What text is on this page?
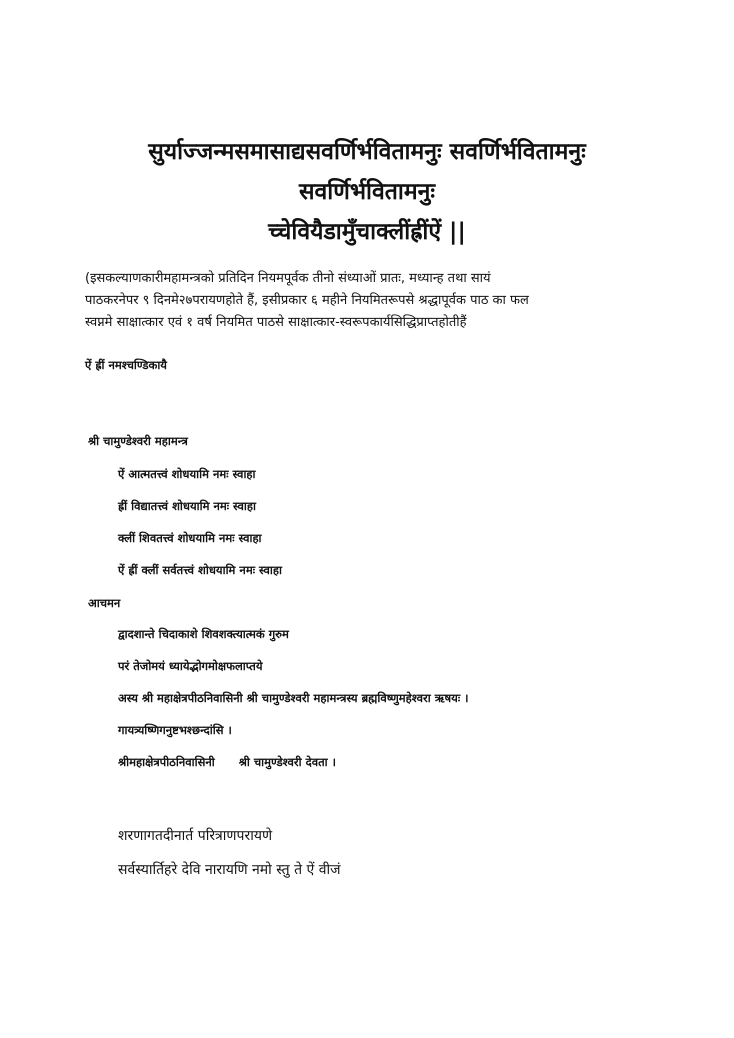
सुर्याज्जन्मसमासाद्यसवर्णिर्भवितामनुः सवर्णिर्भवितामनुः
सवर्णिर्भवितामनुः
च्चेवियैडामुँचाक्लींह्रींऐं ||
(इसकल्याणकारीमहामन्त्रको प्रतिदिन नियमपूर्वक तीनो संध्याओं प्रातः, मध्यान्ह तथा सायं
पाठकरनेपर ९ दिनमे२७परायणहोते हैं, इसीप्रकार ६ महीने नियमितरूपसे श्रद्धापूर्वक पाठ का फल
स्वप्नमे साक्षात्कार एवं १ वर्ष नियमित पाठसे साक्षात्कार-स्वरूपकार्यसिद्धिप्राप्तहोतीहैं
ऐं ह्रीं नमश्चण्डिकायै
श्री चामुण्डेश्वरी महामन्त्र
ऐं आत्मतत्त्वं शोधयामि नमः स्वाहा
ह्रीं विद्यातत्त्वं शोधयामि नमः स्वाहा
क्लीं शिवतत्त्वं शोधयामि नमः स्वाहा
ऐं ह्रीं क्लीं सर्वतत्त्वं शोधयामि नमः स्वाहा
आचमन
द्वादशान्ते चिदाकाशे शिवशक्त्यात्मकं गुरुम
परं तेजोमयं ध्यायेद्भोगमोक्षफलाप्तये
अस्य श्री महाक्षेत्रपीठनिवासिनी श्री चामुण्डेश्वरी महामन्त्रस्य ब्रह्मविष्णुमहेश्वरा ऋषयः ।
गायत्र्यष्णिगनुष्टभश्छन्दांसि ।
श्रीमहाक्षेत्रपीठनिवासिनी श्री चामुण्डेश्वरी देवता ।
शरणागतदीनार्त परित्राणपरायणे
सर्वस्यार्तिहरे देवि नारायणि नमो स्तु ते ऐं वीजं
